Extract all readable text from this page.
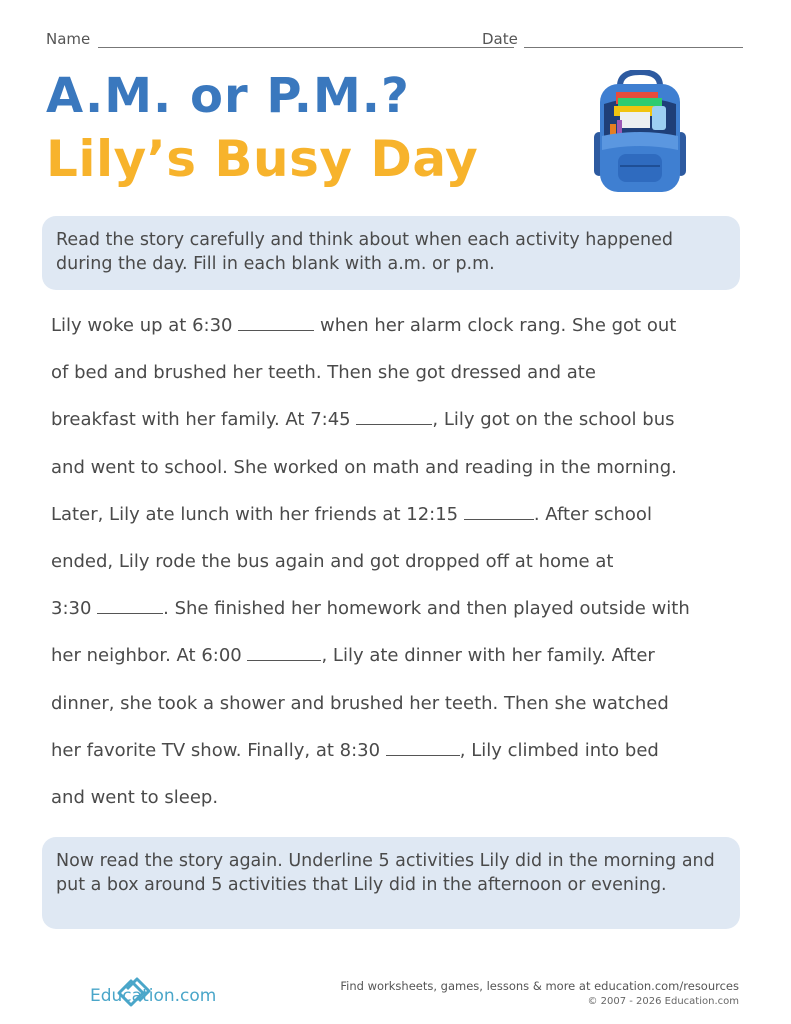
Name	Date
A.M. or P.M.?
Lily’s Busy Day
Read the story carefully and think about when each activity happened during the day. Fill in each blank with a.m. or p.m.
Lily woke up at 6:30	when her alarm clock rang. She got out
of bed and brushed her teeth. Then she got dressed and ate
breakfast with her family. At 7:45	, Lily got on the school bus
and went to school. She worked on math and reading in the morning.
Later, Lily ate lunch with her friends at 12:15	. After school
ended, Lily rode the bus again and got dropped off at home at
3:30	. She finished her homework and then played outside with
her neighbor. At 6:00	, Lily ate dinner with her family. After
dinner, she took a shower and brushed her teeth. Then she watched
her favorite TV show. Finally, at 8:30	, Lily climbed into bed
and went to sleep.
Now read the story again. Underline 5 activities Lily did in the morning and put a box around 5 activities that Lily did in the afternoon or evening.
Education.com	Find worksheets, games, lessons & more at education.com/resources
© 2007 - 2026 Education.com
